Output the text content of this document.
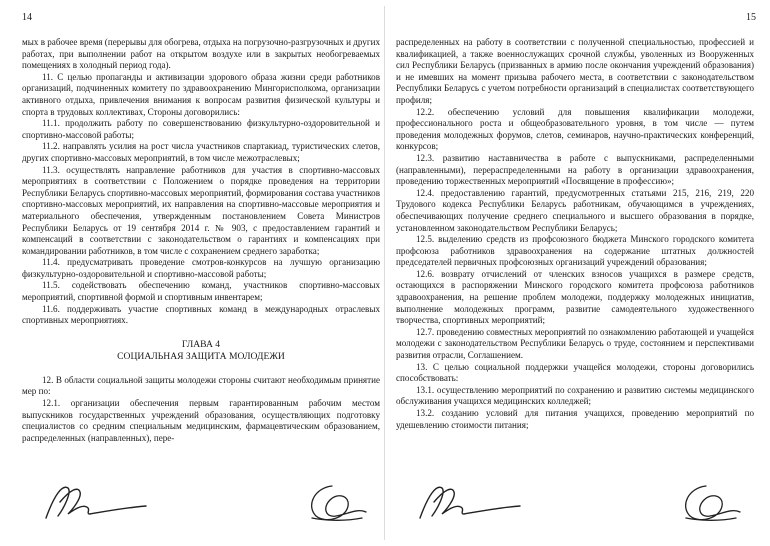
14

мых в рабочее время (перерывы для обогрева, отдыха на погрузочно-разгрузочных и других работах, при выполнении работ на открытом воздухе или в закрытых необогреваемых помещениях в холодный период года).

11. С целью пропаганды и активизации здорового образа жизни среди работников организаций, подчиненных комитету по здравоохранению Мингорисполкома, организации активного отдыха, привлечения внимания к вопросам развития физической культуры и спорта в трудовых коллективах, Стороны договорились:

11.1. продолжить работу по совершенствованию физкультурно-оздоровительной и спортивно-массовой работы;

11.2. направлять усилия на рост числа участников спартакиад, туристических слетов, других спортивно-массовых мероприятий, в том числе межотраслевых;

11.3. осуществлять направление работников для участия в спортивно-массовых мероприятиях в соответствии с Положением о порядке проведения на территории Республики Беларусь спортивно-массовых мероприятий, формирования состава участников спортивно-массовых мероприятий, их направления на спортивно-массовые мероприятия и материального обеспечения, утвержденным постановлением Совета Министров Республики Беларусь от 19 сентября 2014 г. № 903, с предоставлением гарантий и компенсаций в соответствии с законодательством о гарантиях и компенсациях при командировании работников, в том числе с сохранением среднего заработка;

11.4. предусматривать проведение смотров-конкурсов на лучшую организацию физкультурно-оздоровительной и спортивно-массовой работы;

11.5. содействовать обеспечению команд, участников спортивно-массовых мероприятий, спортивной формой и спортивным инвентарем;

11.6. поддерживать участие спортивных команд в международных отраслевых спортивных мероприятиях.

ГЛАВА 4
СОЦИАЛЬНАЯ ЗАЩИТА МОЛОДЕЖИ

12. В области социальной защиты молодежи стороны считают необходимым принятие мер по:

12.1. организации обеспечения первым гарантированным рабочим местом выпускников государственных учреждений образования, осуществляющих подготовку специалистов со средним специальным медицинским, фармацевтическим образованием, распределенных (направленных), пере-

15

распределенных на работу в соответствии с полученной специальностью, профессией и квалификацией, а также военнослужащих срочной службы, уволенных из Вооруженных сил Республики Беларусь (призванных в армию после окончания учреждений образования) и не имевших на момент призыва рабочего места, в соответствии с законодательством Республики Беларусь с учетом потребности организаций в специалистах соответствующего профиля;

12.2. обеспечению условий для повышения квалификации молодежи, профессионального роста и общеобразовательного уровня, в том числе — путем проведения молодежных форумов, слетов, семинаров, научно-практических конференций, конкурсов;

12.3. развитию наставничества в работе с выпускниками, распределенными (направленными), перераспределенными на работу в организации здравоохранения, проведению торжественных мероприятий «Посвящение в профессию»;

12.4. предоставлению гарантий, предусмотренных статьями 215, 216, 219, 220 Трудового кодекса Республики Беларусь работникам, обучающимся в учреждениях, обеспечивающих получение среднего специального и высшего образования в порядке, установленном законодательством Республики Беларусь;

12.5. выделению средств из профсоюзного бюджета Минского городского комитета профсоюза работников здравоохранения на содержание штатных должностей председателей первичных профсоюзных организаций учреждений образования;

12.6. возврату отчислений от членских взносов учащихся в размере средств, остающихся в распоряжении Минского городского комитета профсоюза работников здравоохранения, на решение проблем молодежи, поддержку молодежных инициатив, выполнение молодежных программ, развитие самодеятельного художественного творчества, спортивных мероприятий;

12.7. проведению совместных мероприятий по ознакомлению работающей и учащейся молодежи с законодательством Республики Беларусь о труде, состоянием и перспективами развития отрасли, Соглашением.

13. С целью социальной поддержки учащейся молодежи, стороны договорились способствовать:

13.1. осуществлению мероприятий по сохранению и развитию системы медицинского обслуживания учащихся медицинских колледжей;

13.2. созданию условий для питания учащихся, проведению мероприятий по удешевлению стоимости питания;
